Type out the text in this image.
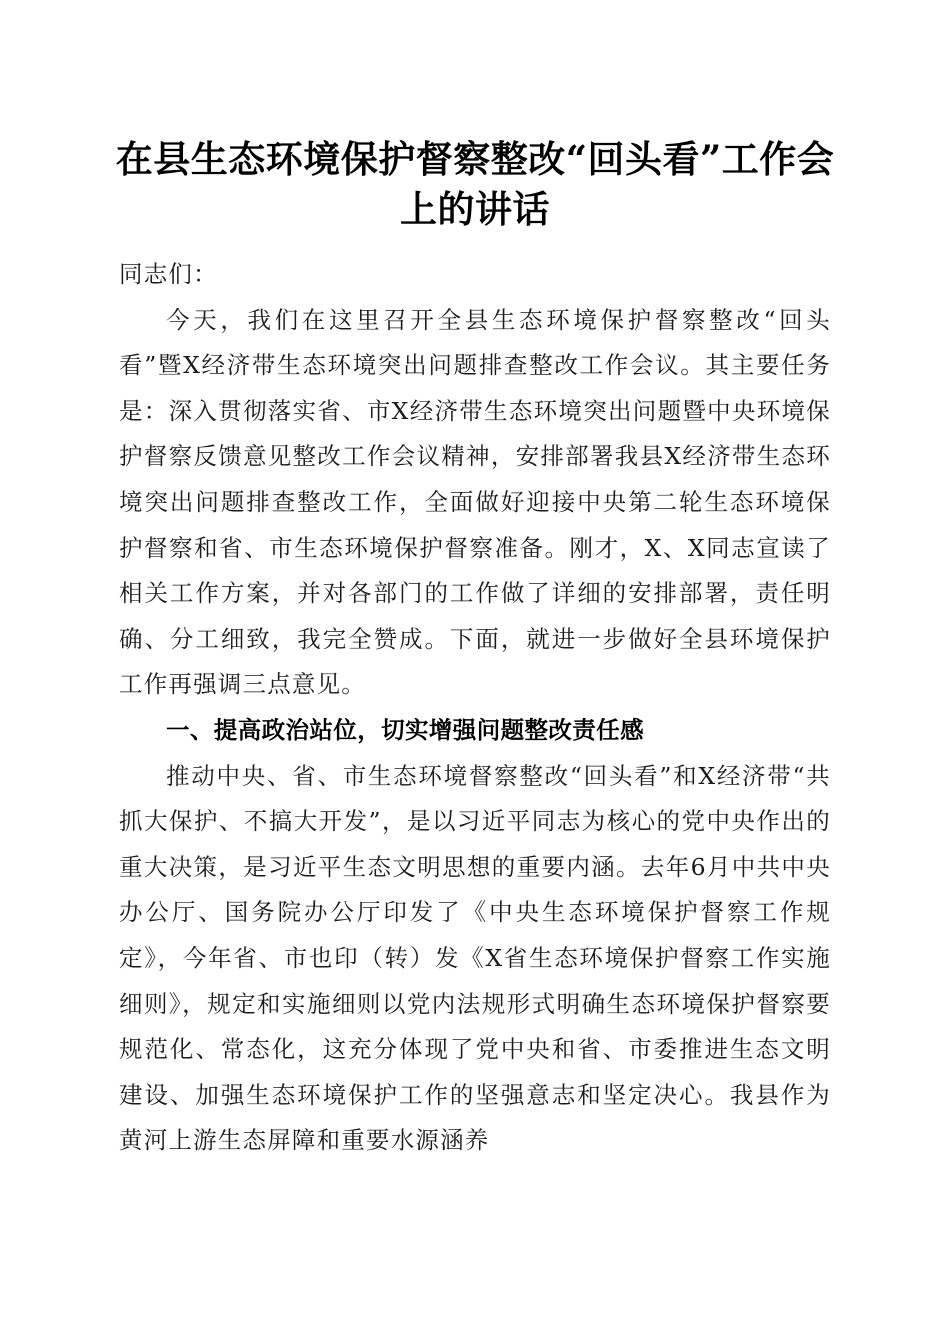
在县生态环境保护督察整改“回头看”工作会上的讲话

同志们：

今天，我们在这里召开全县生态环境保护督察整改“回头看”暨X经济带生态环境突出问题排查整改工作会议。其主要任务是：深入贯彻落实省、市X经济带生态环境突出问题暨中央环境保护督察反馈意见整改工作会议精神，安排部署我县X经济带生态环境突出问题排查整改工作，全面做好迎接中央第二轮生态环境保护督察和省、市生态环境保护督察准备。刚才，X、X同志宣读了相关工作方案，并对各部门的工作做了详细的安排部署，责任明确、分工细致，我完全赞成。下面，就进一步做好全县环境保护工作再强调三点意见。

一、提高政治站位，切实增强问题整改责任感

推动中央、省、市生态环境督察整改“回头看”和X经济带“共抓大保护、不搞大开发”，是以习近平同志为核心的党中央作出的重大决策，是习近平生态文明思想的重要内涵。去年6月中共中央办公厅、国务院办公厅印发了《中央生态环境保护督察工作规定》，今年省、市也印（转）发《X省生态环境保护督察工作实施细则》，规定和实施细则以党内法规形式明确生态环境保护督察要规范化、常态化，这充分体现了党中央和省、市委推进生态文明建设、加强生态环境保护工作的坚强意志和坚定决心。我县作为黄河上游生态屏障和重要水源涵养
